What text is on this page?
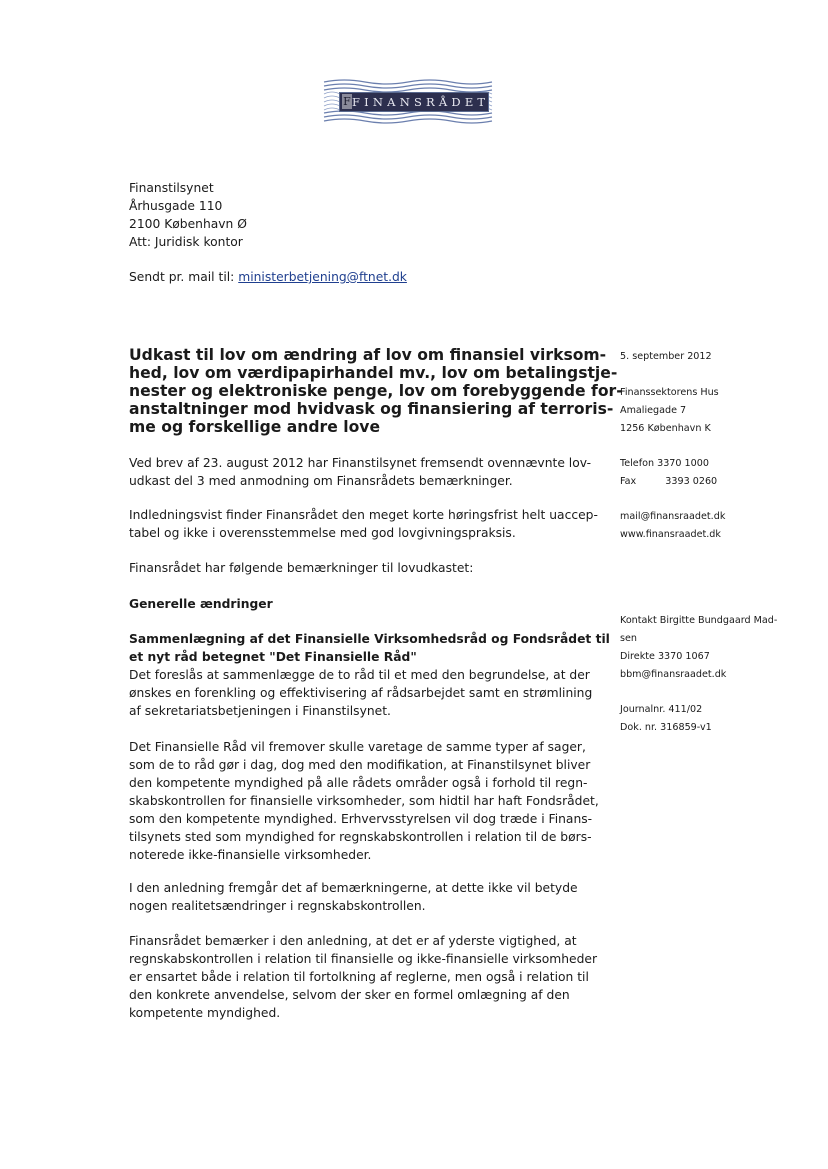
FINANSRÅDET
F
Finanstilsynet
Århusgade 110
2100 København Ø
Att: Juridisk kontor
Sendt pr. mail til: ministerbetjening@ftnet.dk
Udkast til lov om ændring af lov om finansiel virksom-
hed, lov om værdipapirhandel mv., lov om betalingstje-
nester og elektroniske penge, lov om forebyggende for-
anstaltninger mod hvidvask og finansiering af terroris-
me og forskellige andre love
5. september 2012
Finanssektorens Hus
Amaliegade 7
1256 København K
Telefon 3370 1000
Fax	3393 0260
mail@finansraadet.dk
www.finansraadet.dk
Kontakt Birgitte Bundgaard Mad-
sen
Direkte 3370 1067
bbm@finansraadet.dk
Journalnr. 411/02
Dok. nr. 316859-v1
Ved brev af 23. august 2012 har Finanstilsynet fremsendt ovennævnte lov-
udkast del 3 med anmodning om Finansrådets bemærkninger.
Indledningsvist finder Finansrådet den meget korte høringsfrist helt uaccep-
tabel og ikke i overensstemmelse med god lovgivningspraksis.
Finansrådet har følgende bemærkninger til lovudkastet:
Generelle ændringer
Sammenlægning af det Finansielle Virksomhedsråd og Fondsrådet til
et nyt råd betegnet "Det Finansielle Råd"
Det foreslås at sammenlægge de to råd til et med den begrundelse, at der
ønskes en forenkling og effektivisering af rådsarbejdet samt en strømlining
af sekretariatsbetjeningen i Finanstilsynet.
Det Finansielle Råd vil fremover skulle varetage de samme typer af sager,
som de to råd gør i dag, dog med den modifikation, at Finanstilsynet bliver
den kompetente myndighed på alle rådets områder også i forhold til regn-
skabskontrollen for finansielle virksomheder, som hidtil har haft Fondsrådet,
som den kompetente myndighed. Erhvervsstyrelsen vil dog træde i Finans-
tilsynets sted som myndighed for regnskabskontrollen i relation til de børs-
noterede ikke-finansielle virksomheder.
I den anledning fremgår det af bemærkningerne, at dette ikke vil betyde
nogen realitetsændringer i regnskabskontrollen.
Finansrådet bemærker i den anledning, at det er af yderste vigtighed, at
regnskabskontrollen i relation til finansielle og ikke-finansielle virksomheder
er ensartet både i relation til fortolkning af reglerne, men også i relation til
den konkrete anvendelse, selvom der sker en formel omlægning af den
kompetente myndighed.
